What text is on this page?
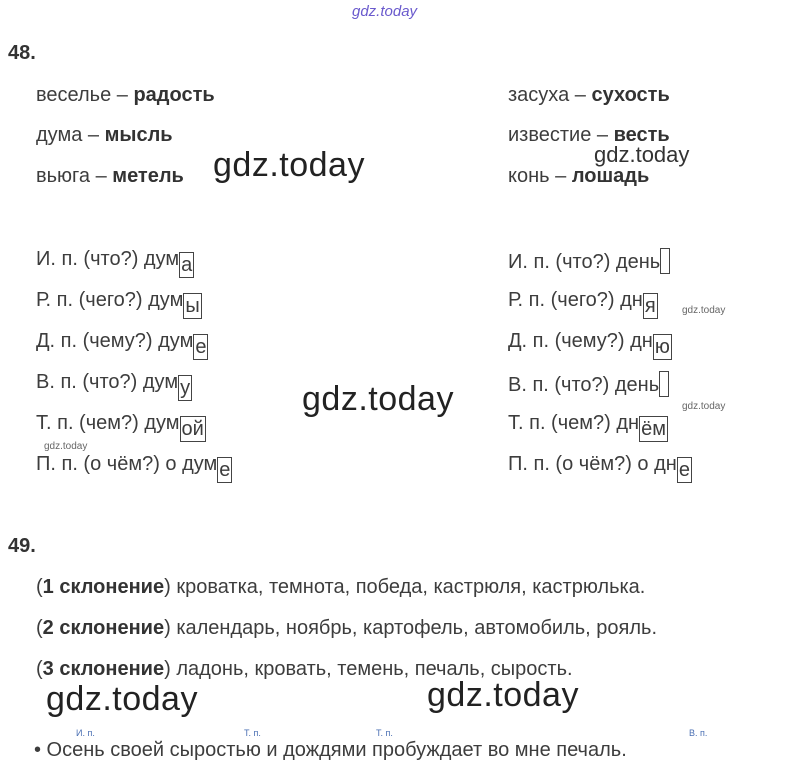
gdz.today
48.
веселье – радость
дума – мысль
вьюга – метель
засуха – сухость
известие – весть
конь – лошадь
И. п. (что?) дум а
Р. п. (чего?) дум ы
Д. п. (чему?) дум е
В. п. (что?) дум у
Т. п. (чем?) дум ой
П. п. (о чём?) о дум е
И. п. (что?) день
Р. п. (чего?) дн я
Д. п. (чему?) дн ю
В. п. (что?) день
Т. п. (чем?) дн ём
П. п. (о чём?) о дн е
gdz.today	gdz.today
gdz.today
gdz.today
gdz.today
gdz.today
49.
(1 склонение) кроватка, темнота, победа, кастрюля, кастрюлька.
(2 склонение) календарь, ноябрь, картофель, автомобиль, рояль.
(3 склонение) ладонь, кровать, темень, печаль, сырость.
gdz.today	gdz.today
И. п.	Т. п.	Т. п.	В. п.
• Осень своей сыростью и дождями пробуждает во мне печаль.
